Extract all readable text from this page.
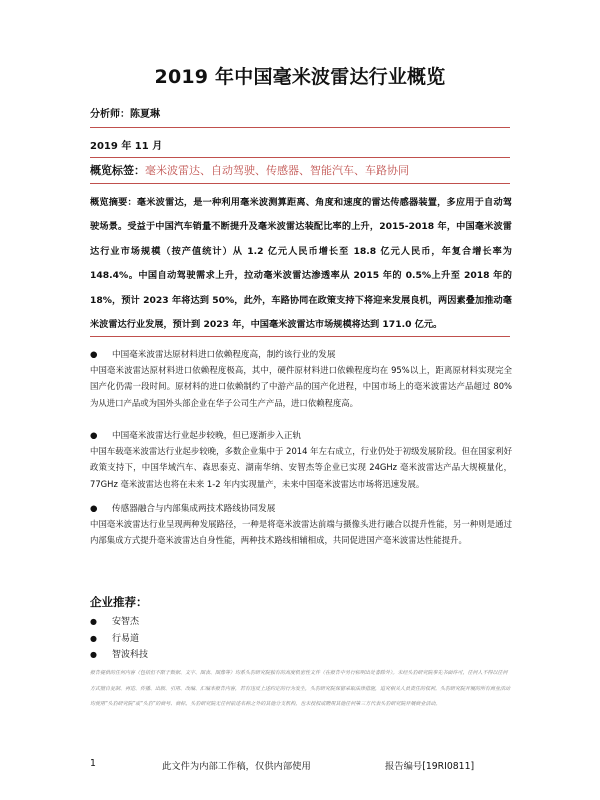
2019 年中国毫米波雷达行业概览
分析师：陈夏琳
2019 年 11 月
概览标签：毫米波雷达、自动驾驶、传感器、智能汽车、车路协同
概览摘要：毫米波雷达，是一种利用毫米波测算距离、角度和速度的雷达传感器装置，多应用于自动驾驶场景。受益于中国汽车销量不断提升及毫米波雷达装配比率的上升，2015-2018 年，中国毫米波雷达行业市场规模（按产值统计）从 1.2 亿元人民币增长至 18.8 亿元人民币，年复合增长率为 148.4%。中国自动驾驶需求上升，拉动毫米波雷达渗透率从 2015 年的 0.5%上升至 2018 年的 18%，预计 2023 年将达到 50%，此外，车路协同在政策支持下将迎来发展良机，两因素叠加推动毫米波雷达行业发展，预计到 2023 年，中国毫米波雷达市场规模将达到 171.0 亿元。
● 中国毫米波雷达原材料进口依赖程度高，制约该行业的发展
中国毫米波雷达原材料进口依赖程度极高，其中，硬件原材料进口依赖程度均在 95%以上，距离原材料实现完全国产化仍需一段时间。原材料的进口依赖制约了中游产品的国产化进程，中国市场上的毫米波雷达产品超过 80%为从进口产品或为国外头部企业在华子公司生产产品，进口依赖程度高。
● 中国毫米波雷达行业起步较晚，但已逐渐步入正轨
中国车载毫米波雷达行业起步较晚，多数企业集中于 2014 年左右成立，行业仍处于初级发展阶段。但在国家利好政策支持下，中国华域汽车、森思泰克、湖南华纳、安智杰等企业已实现 24GHz 毫米波雷达产品大规模量化，77GHz 毫米波雷达也将在未来 1-2 年内实现量产，未来中国毫米波雷达市场将迅速发展。
● 传感器融合与内部集成两技术路线协同发展
中国毫米波雷达行业呈现两种发展路径，一种是将毫米波雷达前端与摄像头进行融合以提升性能，另一种则是通过内部集成方式提升毫米波雷达自身性能，两种技术路线相辅相成，共同促进国产毫米波雷达性能提升。
企业推荐：
● 安智杰
● 行易道
● 智波科技
报告提供的任何内容（包括但不限于数据、文字、图表、图像等）均系头豹研究院独有的高度机密性文件（在报告中另行标明出处者除外）。未经头豹研究院事先书面许可，任何人不得以任何方式擅自复制、再造、传播、出版、引用、改编、汇编本报告内容，若有违反上述约定的行为发生，头豹研究院保留采取法律措施，追究相关人员责任的权利。头豹研究院开展的所有商业活动均使用“头豹研究院”或“头豹”的商号、商标，头豹研究院无任何前述名称之外的其他分支机构，也未授权或聘用其他任何第三方代表头豹研究院开展商业活动。
1	此文件为内部工作稿，仅供内部使用	报告编号[19RI0811]
